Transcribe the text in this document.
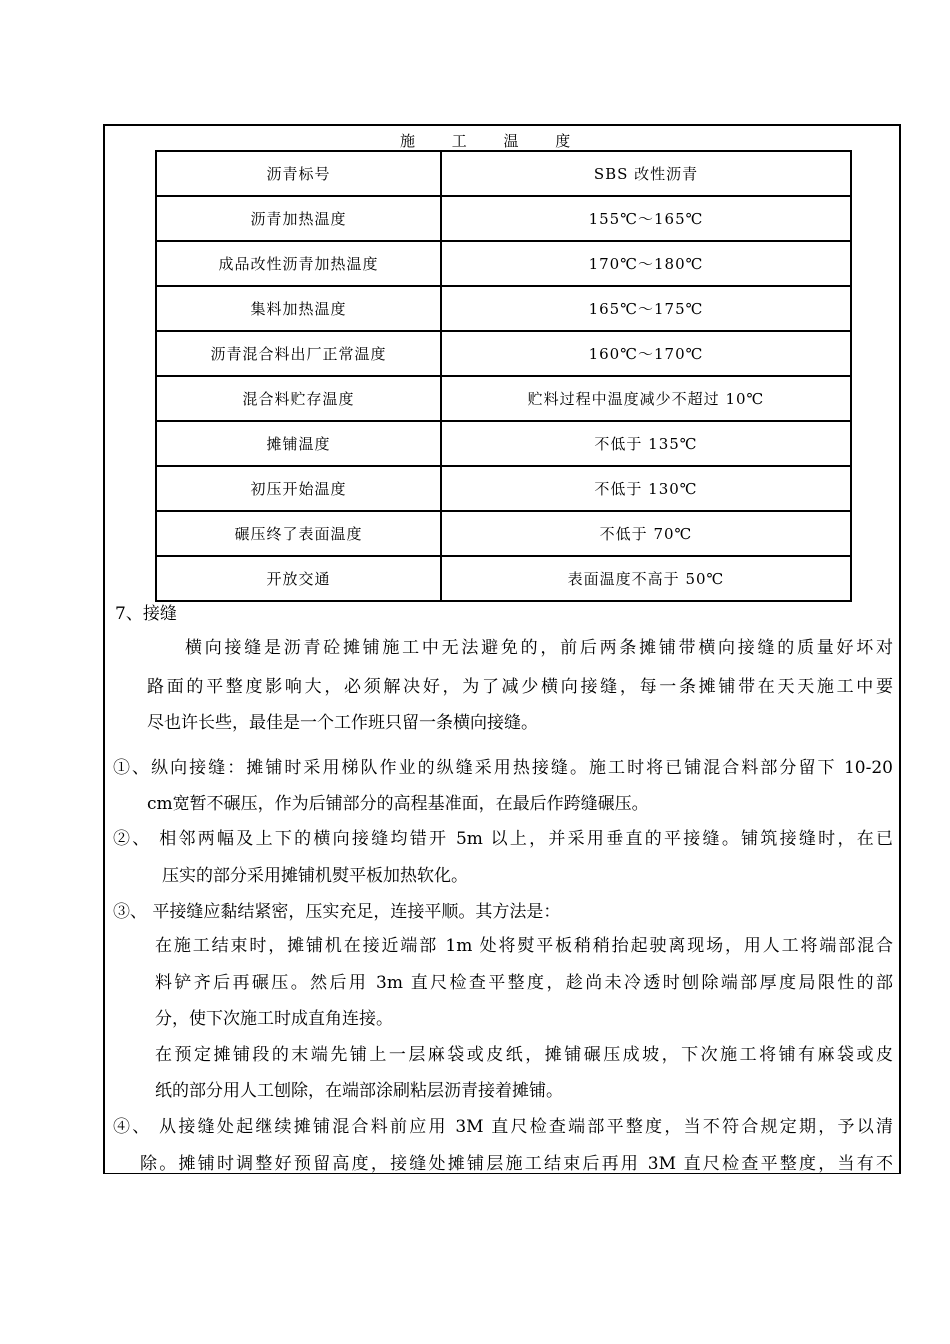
施 工 温 度
沥青标号	SBS 改性沥青
沥青加热温度	155℃～165℃
成品改性沥青加热温度	170℃～180℃
集料加热温度	165℃～175℃
沥青混合料出厂正常温度	160℃～170℃
混合料贮存温度	贮料过程中温度减少不超过 10℃
摊铺温度	不低于 135℃
初压开始温度	不低于 130℃
碾压终了表面温度	不低于 70℃
开放交通	表面温度不高于 50℃
7、接缝
横向接缝是沥青砼摊铺施工中无法避免的，前后两条摊铺带横向接缝的质量好坏对
路面的平整度影响大，必须解决好，为了减少横向接缝，每一条摊铺带在天天施工中要
尽也许长些，最佳是一个工作班只留一条横向接缝。
①、纵向接缝：摊铺时采用梯队作业的纵缝采用热接缝。施工时将已铺混合料部分留下 10-20
cm宽暂不碾压，作为后铺部分的高程基准面，在最后作跨缝碾压。
②、 相邻两幅及上下的横向接缝均错开 5m 以上，并采用垂直的平接缝。铺筑接缝时，在已
压实的部分采用摊铺机熨平板加热软化。
③、 平接缝应黏结紧密，压实充足，连接平顺。其方法是：
在施工结束时，摊铺机在接近端部 1m 处将熨平板稍稍抬起驶离现场，用人工将端部混合
料铲齐后再碾压。然后用 3m 直尺检查平整度，趁尚未冷透时刨除端部厚度局限性的部
分，使下次施工时成直角连接。
在预定摊铺段的末端先铺上一层麻袋或皮纸，摊铺碾压成坡，下次施工将铺有麻袋或皮
纸的部分用人工刨除，在端部涂刷粘层沥青接着摊铺。
④、 从接缝处起继续摊铺混合料前应用 3M 直尺检查端部平整度，当不符合规定期，予以清
除。摊铺时调整好预留高度，接缝处摊铺层施工结束后再用 3M 直尺检查平整度，当有不
